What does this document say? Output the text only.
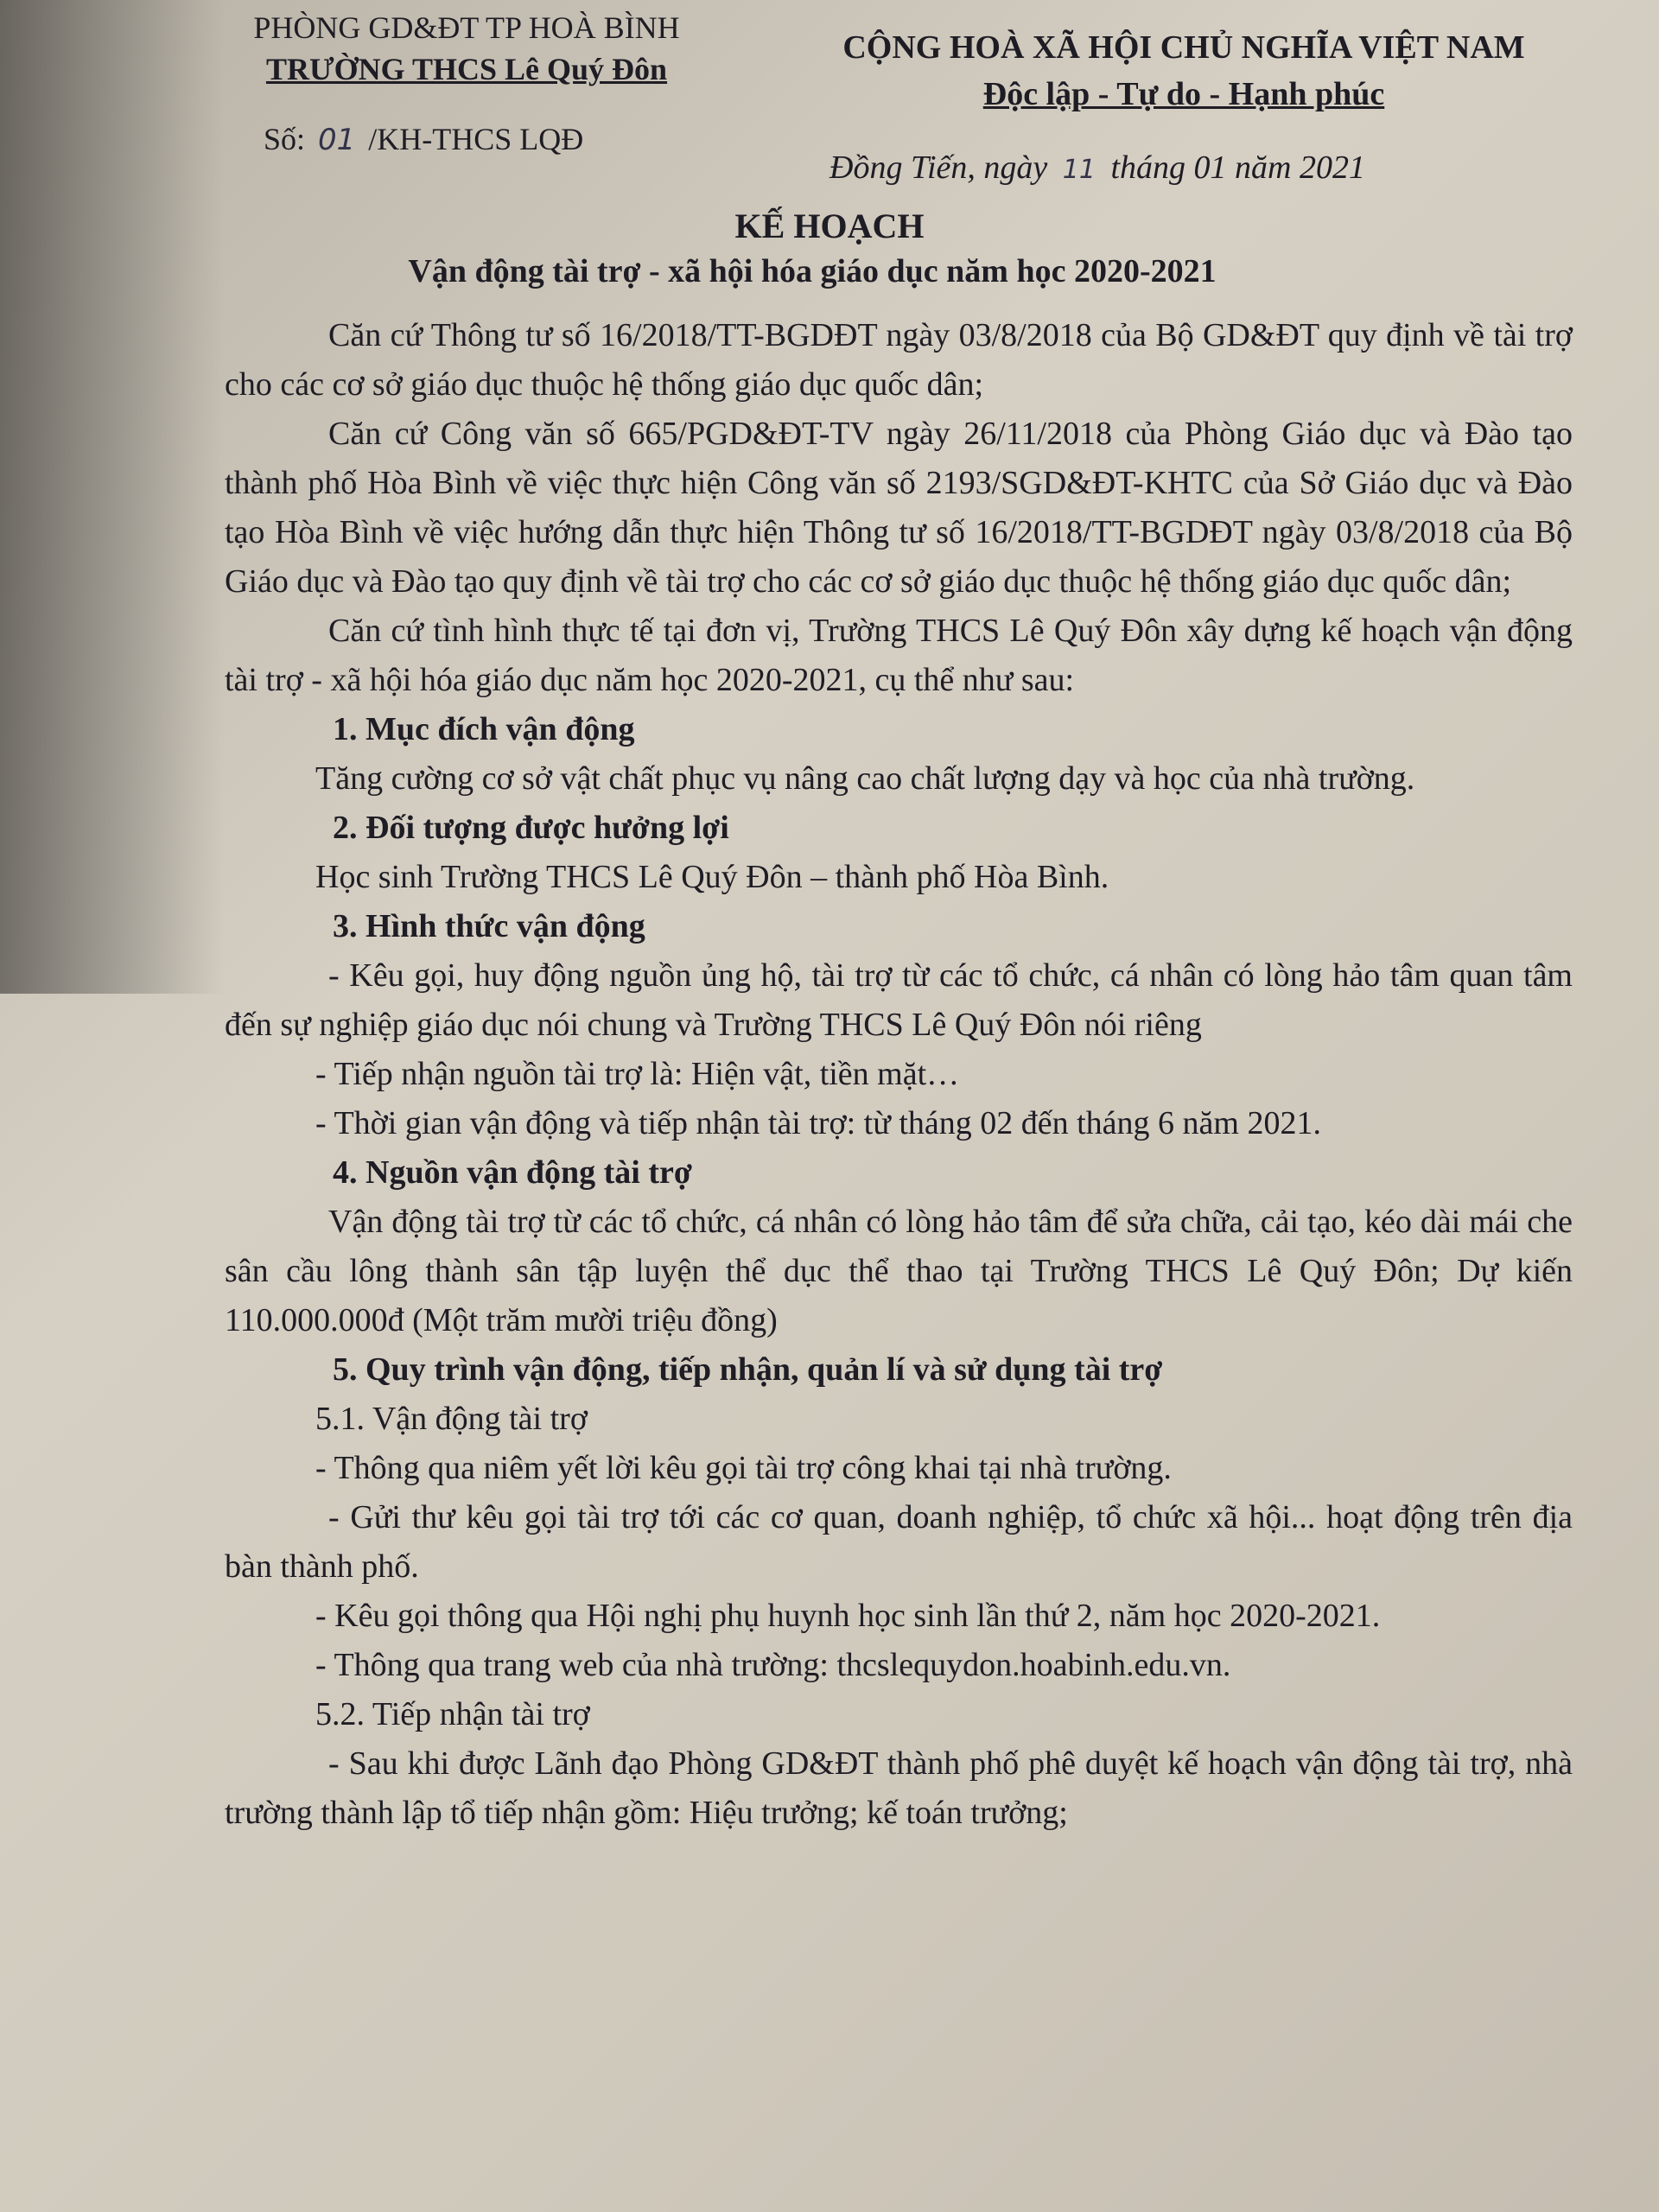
PHÒNG GD&ĐT TP HOÀ BÌNH
TRƯỜNG THCS Lê Quý Đôn
CỘNG HOÀ XÃ HỘI CHỦ NGHĨA VIỆT NAM
Độc lập - Tự do - Hạnh phúc
Số: 01 /KH-THCS LQĐ
Đồng Tiến, ngày 11 tháng 01 năm 2021
KẾ HOẠCH
Vận động tài trợ - xã hội hóa giáo dục năm học 2020-2021

Căn cứ Thông tư số 16/2018/TT-BGDĐT ngày 03/8/2018 của Bộ GD&ĐT quy định về tài trợ cho các cơ sở giáo dục thuộc hệ thống giáo dục quốc dân;

Căn cứ Công văn số 665/PGD&ĐT-TV ngày 26/11/2018 của Phòng Giáo dục và Đào tạo thành phố Hòa Bình về việc thực hiện Công văn số 2193/SGD&ĐT-KHTC của Sở Giáo dục và Đào tạo Hòa Bình về việc hướng dẫn thực hiện Thông tư số 16/2018/TT-BGDĐT ngày 03/8/2018 của Bộ Giáo dục và Đào tạo quy định về tài trợ cho các cơ sở giáo dục thuộc hệ thống giáo dục quốc dân;

Căn cứ tình hình thực tế tại đơn vị, Trường THCS Lê Quý Đôn xây dựng kế hoạch vận động tài trợ - xã hội hóa giáo dục năm học 2020-2021, cụ thể như sau:

1. Mục đích vận động

Tăng cường cơ sở vật chất phục vụ nâng cao chất lượng dạy và học của nhà trường.

2. Đối tượng được hưởng lợi

Học sinh Trường THCS Lê Quý Đôn – thành phố Hòa Bình.

3. Hình thức vận động

- Kêu gọi, huy động nguồn ủng hộ, tài trợ từ các tổ chức, cá nhân có lòng hảo tâm quan tâm đến sự nghiệp giáo dục nói chung và Trường THCS Lê Quý Đôn nói riêng

- Tiếp nhận nguồn tài trợ là: Hiện vật, tiền mặt…

- Thời gian vận động và tiếp nhận tài trợ: từ tháng 02 đến tháng 6 năm 2021.

4. Nguồn vận động tài trợ

Vận động tài trợ từ các tổ chức, cá nhân có lòng hảo tâm để sửa chữa, cải tạo, kéo dài mái che sân cầu lông thành sân tập luyện thể dục thể thao tại Trường THCS Lê Quý Đôn; Dự kiến 110.000.000đ (Một trăm mười triệu đồng)

5. Quy trình vận động, tiếp nhận, quản lí và sử dụng tài trợ

5.1. Vận động tài trợ

- Thông qua niêm yết lời kêu gọi tài trợ công khai tại nhà trường.

- Gửi thư kêu gọi tài trợ tới các cơ quan, doanh nghiệp, tổ chức xã hội... hoạt động trên địa bàn thành phố.

- Kêu gọi thông qua Hội nghị phụ huynh học sinh lần thứ 2, năm học 2020-2021.

- Thông qua trang web của nhà trường: thcslequydon.hoabinh.edu.vn.

5.2. Tiếp nhận tài trợ

- Sau khi được Lãnh đạo Phòng GD&ĐT thành phố phê duyệt kế hoạch vận động tài trợ, nhà trường thành lập tổ tiếp nhận gồm: Hiệu trưởng; kế toán trưởng;
